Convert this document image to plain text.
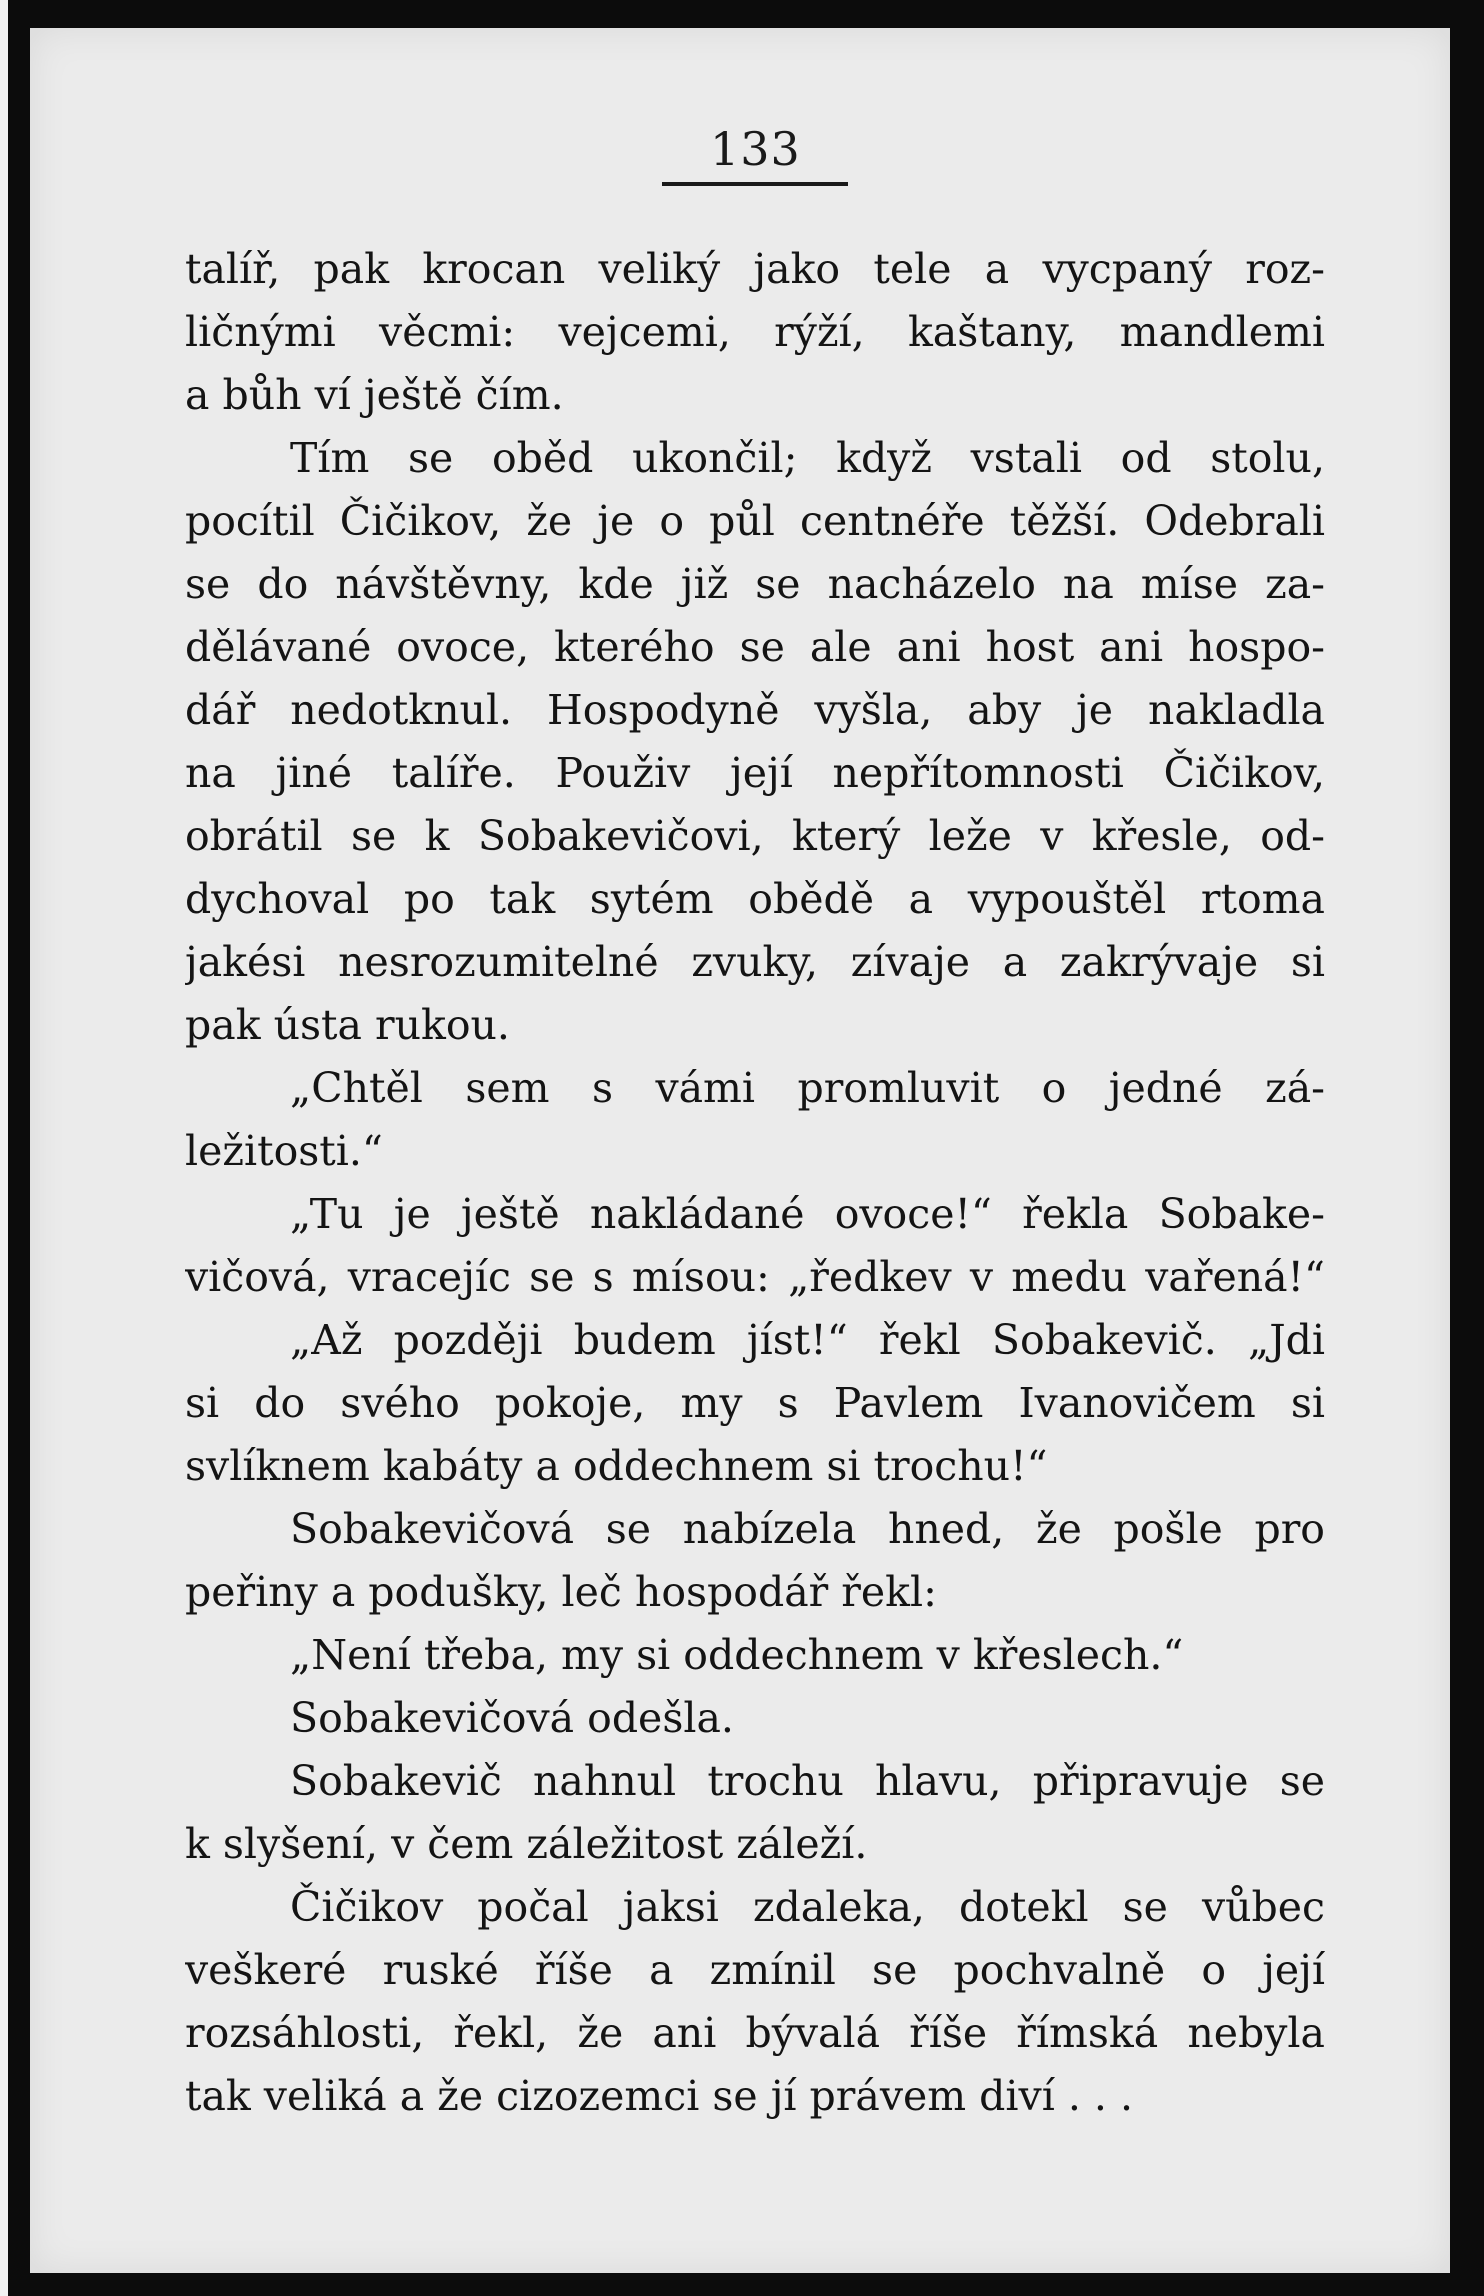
133
talíř, pak krocan veliký jako tele a vycpaný roz-
ličnými věcmi: vejcemi, rýží, kaštany, mandlemi
a bůh ví ještě čím.
Tím se oběd ukončil; když vstali od stolu,
pocítil Čičikov, že je o půl centnéře těžší. Odebrali
se do návštěvny, kde již se nacházelo na míse za-
dělávané ovoce, kterého se ale ani host ani hospo-
dář nedotknul. Hospodyně vyšla, aby je nakladla
na jiné talíře. Použiv její nepřítomnosti Čičikov,
obrátil se k Sobakevičovi, který leže v křesle, od-
dychoval po tak sytém obědě a vypouštěl rtoma
jakési nesrozumitelné zvuky, zívaje a zakrývaje si
pak ústa rukou.
„Chtěl sem s vámi promluvit o jedné zá-
ležitosti.“
„Tu je ještě nakládané ovoce!“ řekla Sobake-
vičová, vracejíc se s mísou: „ředkev v medu vařená!“
„Až později budem jíst!“ řekl Sobakevič. „Jdi
si do svého pokoje, my s Pavlem Ivanovičem si
svlíknem kabáty a oddechnem si trochu!“
Sobakevičová se nabízela hned, že pošle pro
peřiny a podušky, leč hospodář řekl:
„Není třeba, my si oddechnem v křeslech.“
Sobakevičová odešla.
Sobakevič nahnul trochu hlavu, připravuje se
k slyšení, v čem záležitost záleží.
Čičikov počal jaksi zdaleka, dotekl se vůbec
veškeré ruské říše a zmínil se pochvalně o její
rozsáhlosti, řekl, že ani bývalá říše římská nebyla
tak veliká a že cizozemci se jí právem diví . . .
